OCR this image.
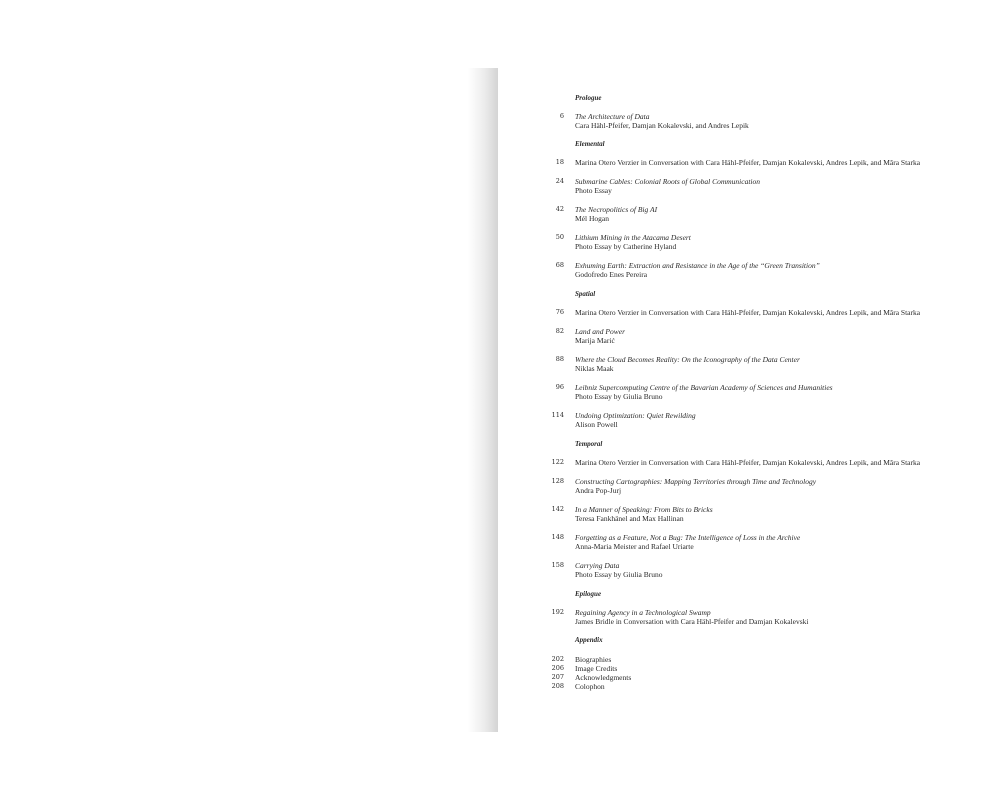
Prologue
6 The Architecture of Data
Cara Hähl-Pfeifer, Damjan Kokalevski, and Andres Lepik
Elemental
18 Marina Otero Verzier in Conversation with Cara Hähl-Pfeifer, Damjan Kokalevski, Andres Lepik, and Mâra Starka
24 Submarine Cables: Colonial Roots of Global Communication
Photo Essay
42 The Necropolitics of Big AI
Mél Hogan
50 Lithium Mining in the Atacama Desert
Photo Essay by Catherine Hyland
68 Exhuming Earth: Extraction and Resistance in the Age of the “Green Transition”
Godofredo Enes Pereira
Spatial
76 Marina Otero Verzier in Conversation with Cara Hähl-Pfeifer, Damjan Kokalevski, Andres Lepik, and Mâra Starka
82 Land and Power
Marija Marić
88 Where the Cloud Becomes Reality: On the Iconography of the Data Center
Niklas Maak
96 Leibniz Supercomputing Centre of the Bavarian Academy of Sciences and Humanities
Photo Essay by Giulia Bruno
114 Undoing Optimization: Quiet Rewilding
Alison Powell
Temporal
122 Marina Otero Verzier in Conversation with Cara Hähl-Pfeifer, Damjan Kokalevski, Andres Lepik, and Mâra Starka
128 Constructing Cartographies: Mapping Territories through Time and Technology
Andra Pop-Jurj
142 In a Manner of Speaking: From Bits to Bricks
Teresa Fankhänel and Max Hallinan
148 Forgetting as a Feature, Not a Bug: The Intelligence of Loss in the Archive
Anna-Maria Meister and Rafael Uriarte
158 Carrying Data
Photo Essay by Giulia Bruno
Epilogue
192 Regaining Agency in a Technological Swamp
James Bridle in Conversation with Cara Hähl-Pfeifer and Damjan Kokalevski
Appendix
202 Biographies
206 Image Credits
207 Acknowledgments
208 Colophon
